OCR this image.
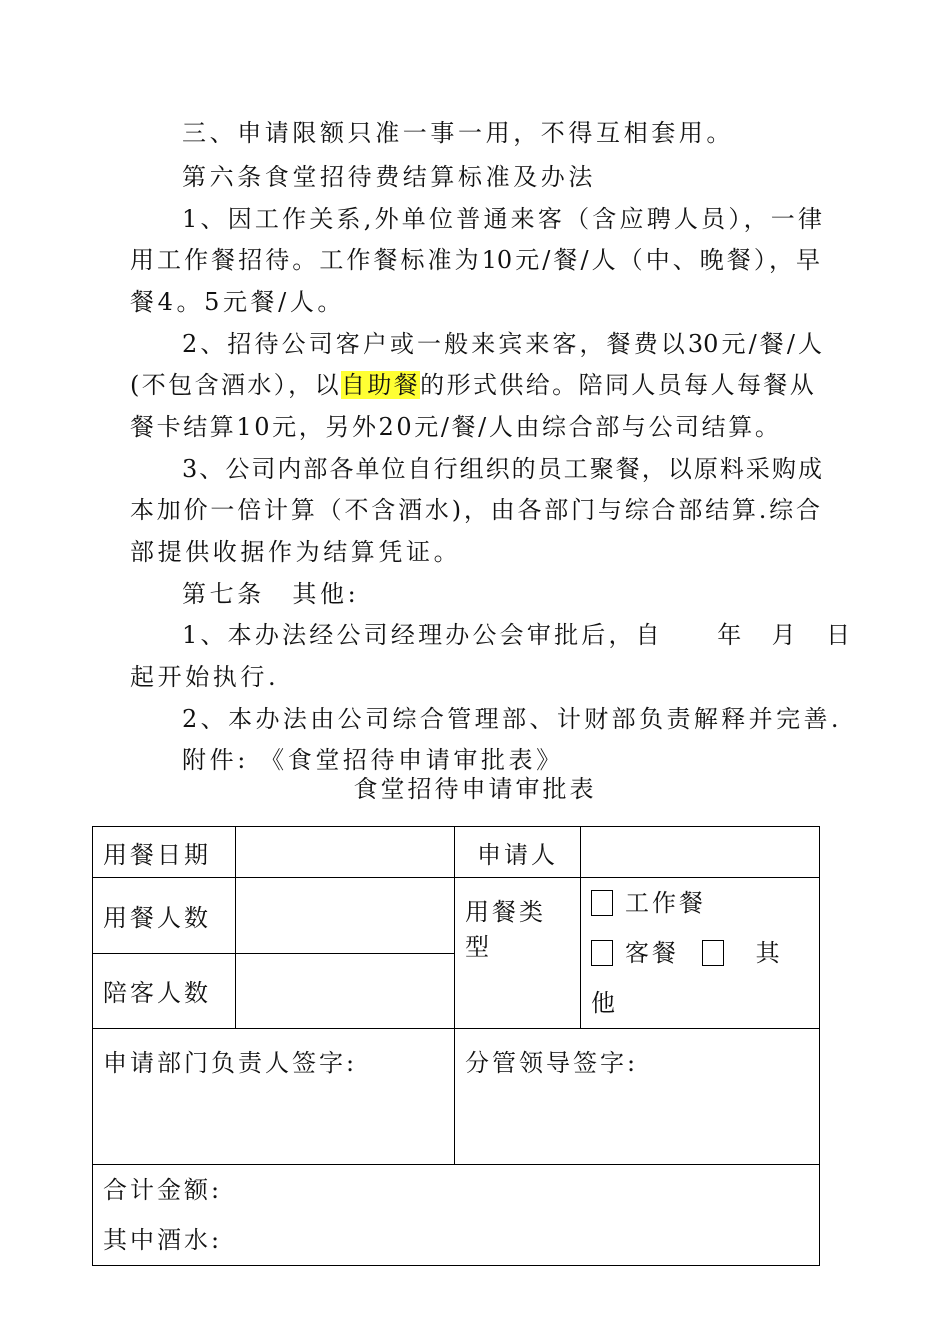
三、申请限额只准一事一用，不得互相套用。
第六条食堂招待费结算标准及办法
1、因工作关系,外单位普通来客（含应聘人员），一律
用工作餐招待。工作餐标准为10元/餐/人（中、晚餐），早
餐4。5元餐/人。
2、招待公司客户或一般来宾来客，餐费以30元/餐/人
(不包含酒水），以自助餐的形式供给。陪同人员每人每餐从
餐卡结算10元，另外20元/餐/人由综合部与公司结算。
3、公司内部各单位自行组织的员工聚餐，以原料采购成
本加价一倍计算（不含酒水)，由各部门与综合部结算.综合
部提供收据作为结算凭证。
第七条　其他:
1、本办法经公司经理办公会审批后，自　　年　月　日
起开始执行.
2、本办法由公司综合管理部、计财部负责解释并完善.
附件: 《食堂招待申请审批表》
食堂招待申请审批表
用餐日期		申请人	
用餐人数		用餐类型	工作餐
客餐 其他

陪客人数			
申请部门负责人签字:		分管领导签字:	

合计金额:
其中酒水:			
